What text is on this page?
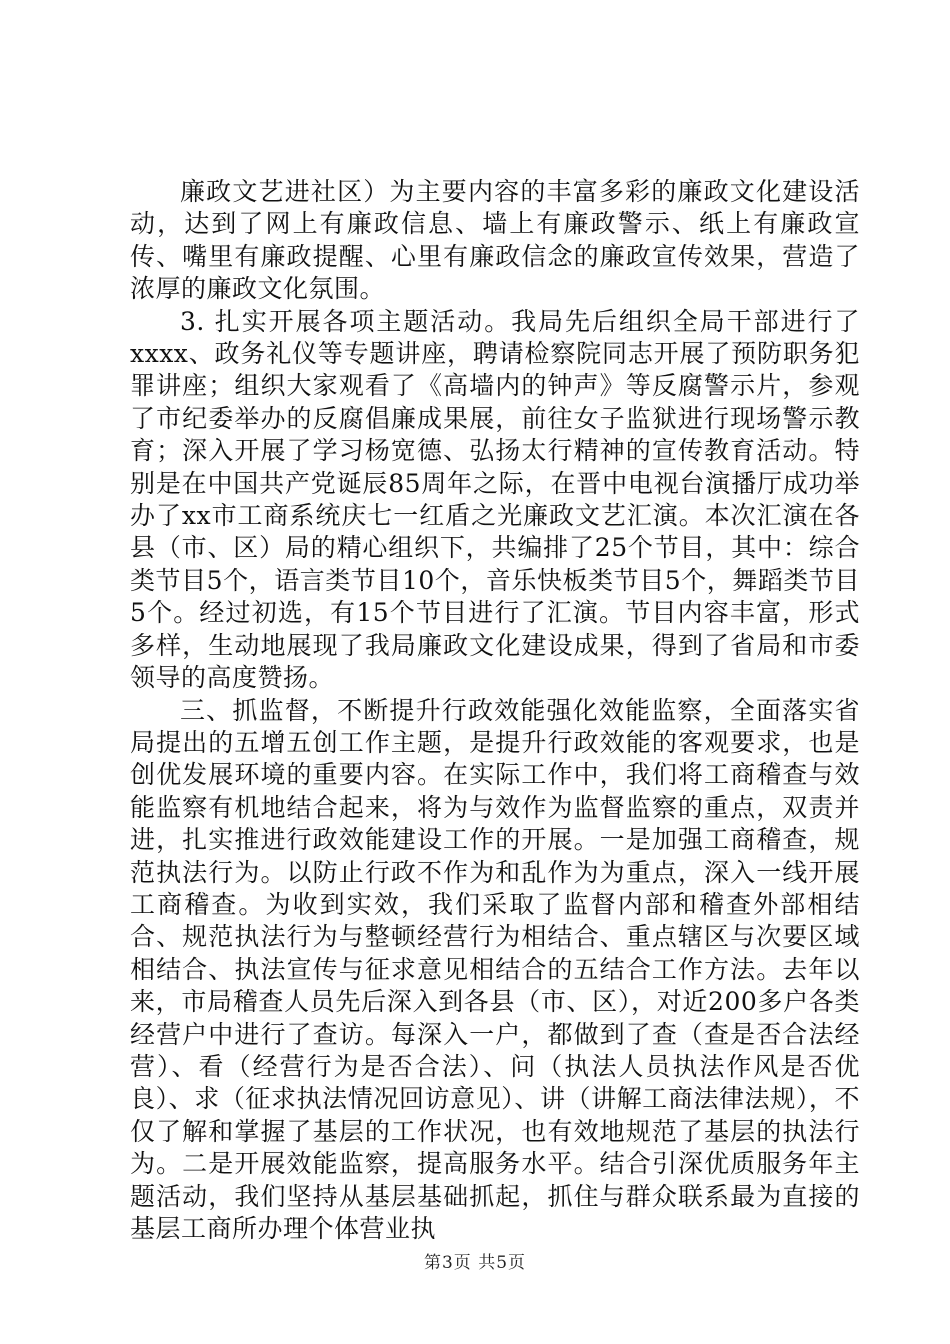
廉政文艺进社区）为主要内容的丰富多彩的廉政文化建设活动，达到了网上有廉政信息、墙上有廉政警示、纸上有廉政宣传、嘴里有廉政提醒、心里有廉政信念的廉政宣传效果，营造了浓厚的廉政文化氛围。

3. 扎实开展各项主题活动。我局先后组织全局干部进行了xxxx、政务礼仪等专题讲座，聘请检察院同志开展了预防职务犯罪讲座；组织大家观看了《高墙内的钟声》等反腐警示片，参观了市纪委举办的反腐倡廉成果展，前往女子监狱进行现场警示教育；深入开展了学习杨宽德、弘扬太行精神的宣传教育活动。特别是在中国共产党诞辰85周年之际，在晋中电视台演播厅成功举办了xx市工商系统庆七一红盾之光廉政文艺汇演。本次汇演在各县（市、区）局的精心组织下，共编排了25个节目，其中：综合类节目5个，语言类节目10个，音乐快板类节目5个，舞蹈类节目5个。经过初选，有15个节目进行了汇演。节目内容丰富，形式多样，生动地展现了我局廉政文化建设成果，得到了省局和市委领导的高度赞扬。

三、抓监督，不断提升行政效能强化效能监察，全面落实省局提出的五增五创工作主题，是提升行政效能的客观要求，也是创优发展环境的重要内容。在实际工作中，我们将工商稽查与效能监察有机地结合起来，将为与效作为监督监察的重点，双责并进，扎实推进行政效能建设工作的开展。一是加强工商稽查，规范执法行为。以防止行政不作为和乱作为为重点，深入一线开展工商稽查。为收到实效，我们采取了监督内部和稽查外部相结合、规范执法行为与整顿经营行为相结合、重点辖区与次要区域相结合、执法宣传与征求意见相结合的五结合工作方法。去年以来，市局稽查人员先后深入到各县（市、区），对近200多户各类经营户中进行了查访。每深入一户，都做到了查（查是否合法经营）、看（经营行为是否合法）、问（执法人员执法作风是否优良）、求（征求执法情况回访意见）、讲（讲解工商法律法规），不仅了解和掌握了基层的工作状况，也有效地规范了基层的执法行为。二是开展效能监察，提高服务水平。结合引深优质服务年主题活动，我们坚持从基层基础抓起，抓住与群众联系最为直接的基层工商所办理个体营业执

第3页 共5页
